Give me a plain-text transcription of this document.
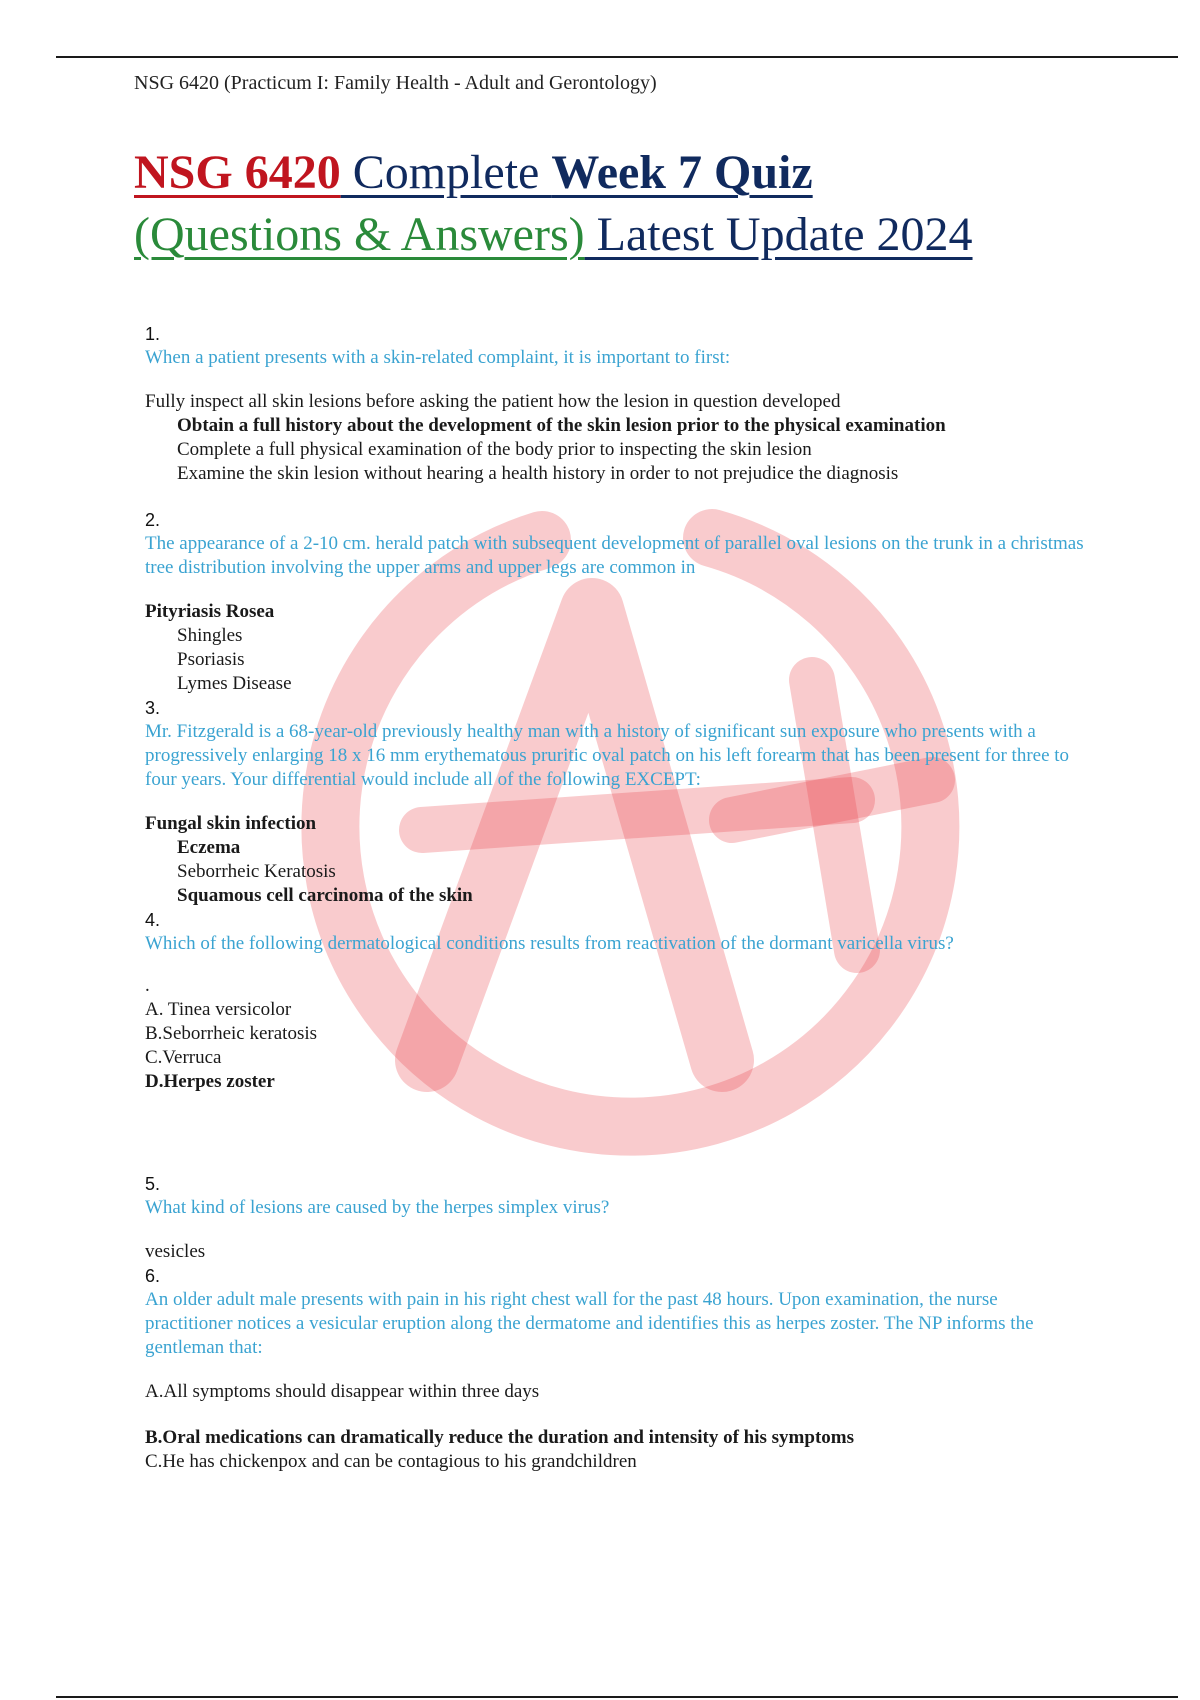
NSG 6420 (Practicum I: Family Health - Adult and Gerontology)
NSG 6420 Complete Week 7 Quiz
(Questions & Answers) Latest Update 2024
1.
When a patient presents with a skin-related complaint, it is important to first:
Fully inspect all skin lesions before asking the patient how the lesion in question developed
Obtain a full history about the development of the skin lesion prior to the physical examination
Complete a full physical examination of the body prior to inspecting the skin lesion
Examine the skin lesion without hearing a health history in order to not prejudice the diagnosis
2.
The appearance of a 2-10 cm. herald patch with subsequent development of parallel oval lesions on the trunk in a christmas tree distribution involving the upper arms and upper legs are common in
Pityriasis Rosea
Shingles
Psoriasis
Lymes Disease
3.
Mr. Fitzgerald is a 68-year-old previously healthy man with a history of significant sun exposure who presents with a progressively enlarging 18 x 16 mm erythematous pruritic oval patch on his left forearm that has been present for three to four years. Your differential would include all of the following EXCEPT:
Fungal skin infection
Eczema
Seborrheic Keratosis
Squamous cell carcinoma of the skin
4.
Which of the following dermatological conditions results from reactivation of the dormant varicella virus?
.
A. Tinea versicolor
B.Seborrheic keratosis
C.Verruca
D.Herpes zoster
5.
What kind of lesions are caused by the herpes simplex virus?
vesicles
6.
An older adult male presents with pain in his right chest wall for the past 48 hours. Upon examination, the nurse practitioner notices a vesicular eruption along the dermatome and identifies this as herpes zoster. The NP informs the gentleman that:
A.All symptoms should disappear within three days
B.Oral medications can dramatically reduce the duration and intensity of his symptoms
C.He has chickenpox and can be contagious to his grandchildren
